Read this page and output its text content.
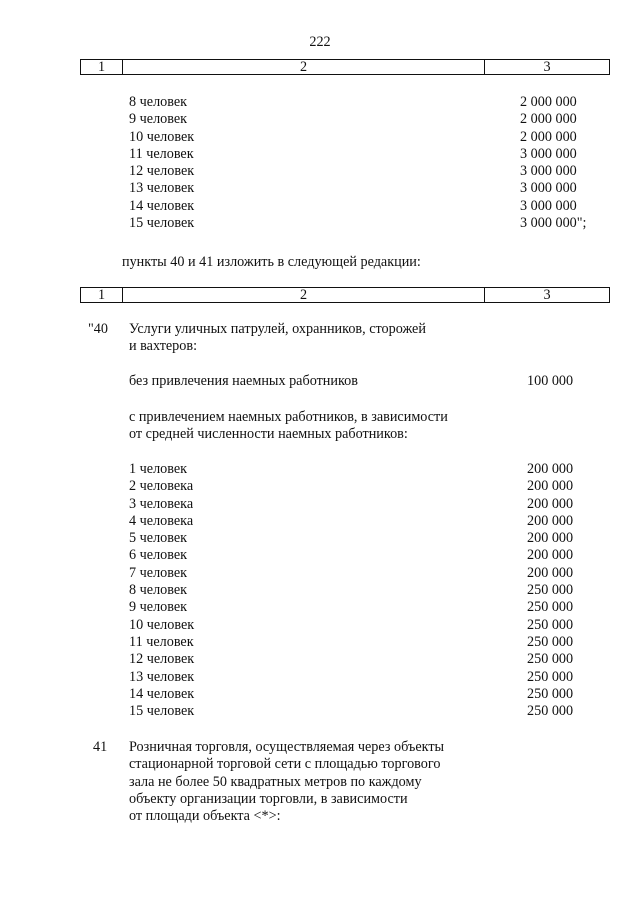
222
1	2	3
8 человек	2 000 000
9 человек	2 000 000
10 человек	2 000 000
11 человек	3 000 000
12 человек	3 000 000
13 человек	3 000 000
14 человек	3 000 000
15 человек	3 000 000";
пункты 40 и 41 изложить в следующей редакции:
1	2	3
"40 Услуги уличных патрулей, охранников, сторожей
и вахтеров:
без привлечения наемных работников	100 000
с привлечением наемных работников, в зависимости
от средней численности наемных работников:
1 человек	200 000
2 человека	200 000
3 человека	200 000
4 человека	200 000
5 человек	200 000
6 человек	200 000
7 человек	200 000
8 человек	250 000
9 человек	250 000
10 человек	250 000
11 человек	250 000
12 человек	250 000
13 человек	250 000
14 человек	250 000
15 человек	250 000
41 Розничная торговля, осуществляемая через объекты
стационарной торговой сети с площадью торгового
зала не более 50 квадратных метров по каждому
объекту организации торговли, в зависимости
от площади объекта <*>:
